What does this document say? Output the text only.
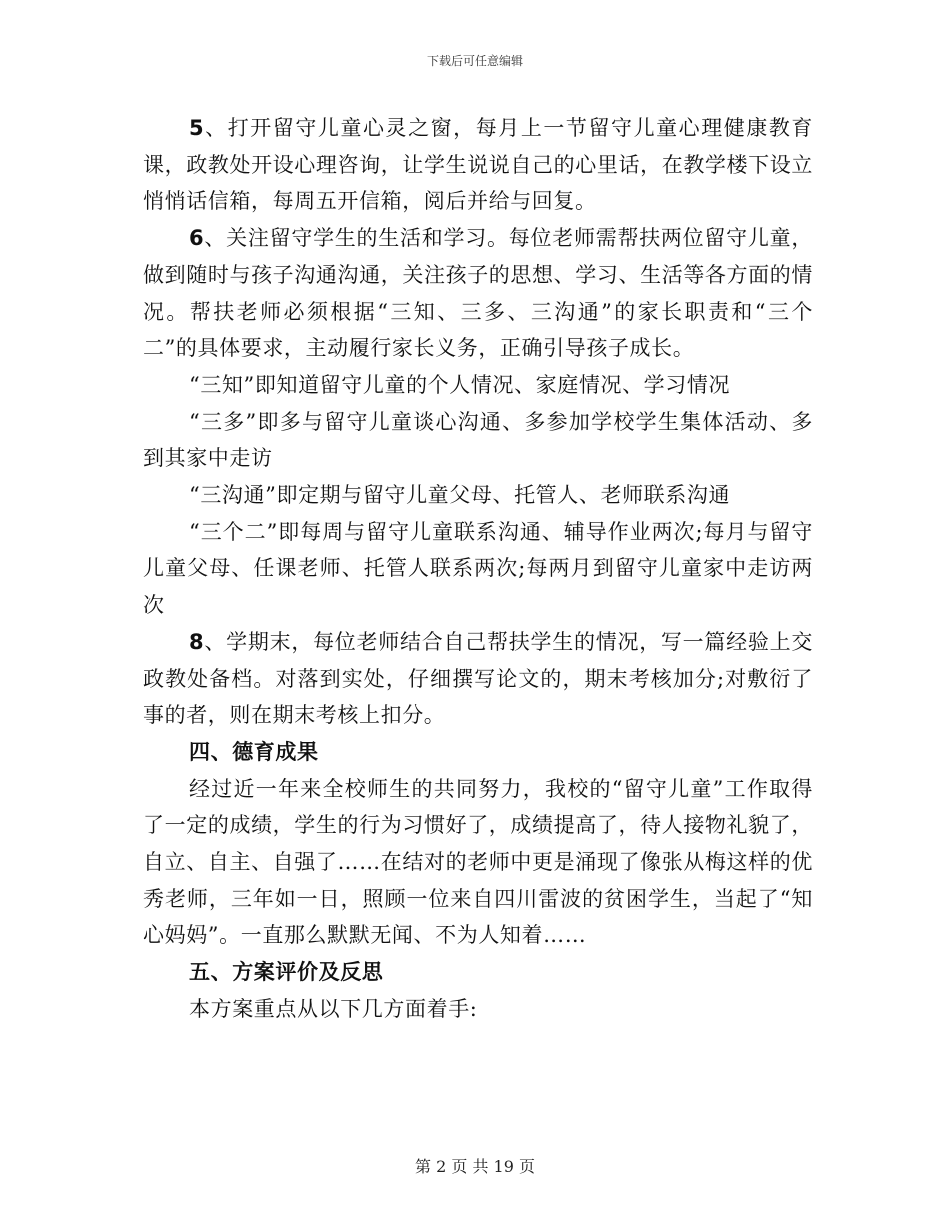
下载后可任意编辑

5、打开留守儿童心灵之窗，每月上一节留守儿童心理健康教育课，政教处开设心理咨询，让学生说说自己的心里话，在教学楼下设立悄悄话信箱，每周五开信箱，阅后并给与回复。

6、关注留守学生的生活和学习。每位老师需帮扶两位留守儿童，做到随时与孩子沟通沟通，关注孩子的思想、学习、生活等各方面的情况。帮扶老师必须根据“三知、三多、三沟通”的家长职责和“三个二”的具体要求，主动履行家长义务，正确引导孩子成长。

“三知”即知道留守儿童的个人情况、家庭情况、学习情况

“三多”即多与留守儿童谈心沟通、多参加学校学生集体活动、多到其家中走访

“三沟通”即定期与留守儿童父母、托管人、老师联系沟通

“三个二”即每周与留守儿童联系沟通、辅导作业两次;每月与留守儿童父母、任课老师、托管人联系两次;每两月到留守儿童家中走访两次

8、学期末，每位老师结合自己帮扶学生的情况，写一篇经验上交政教处备档。对落到实处，仔细撰写论文的，期末考核加分;对敷衍了事的者，则在期末考核上扣分。

四、德育成果

经过近一年来全校师生的共同努力，我校的“留守儿童”工作取得了一定的成绩，学生的行为习惯好了，成绩提高了，待人接物礼貌了，自立、自主、自强了……在结对的老师中更是涌现了像张从梅这样的优秀老师，三年如一日，照顾一位来自四川雷波的贫困学生，当起了“知心妈妈”。一直那么默默无闻、不为人知着……

五、方案评价及反思

本方案重点从以下几方面着手:

第 2 页 共 19 页
